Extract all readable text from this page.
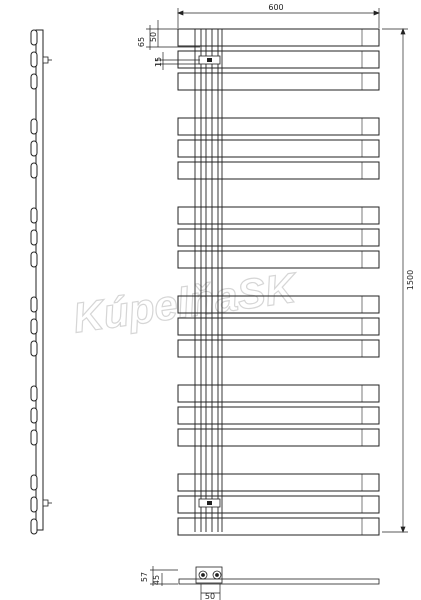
KúpelňaSK
600
1500
65 50
15
57 45
50
